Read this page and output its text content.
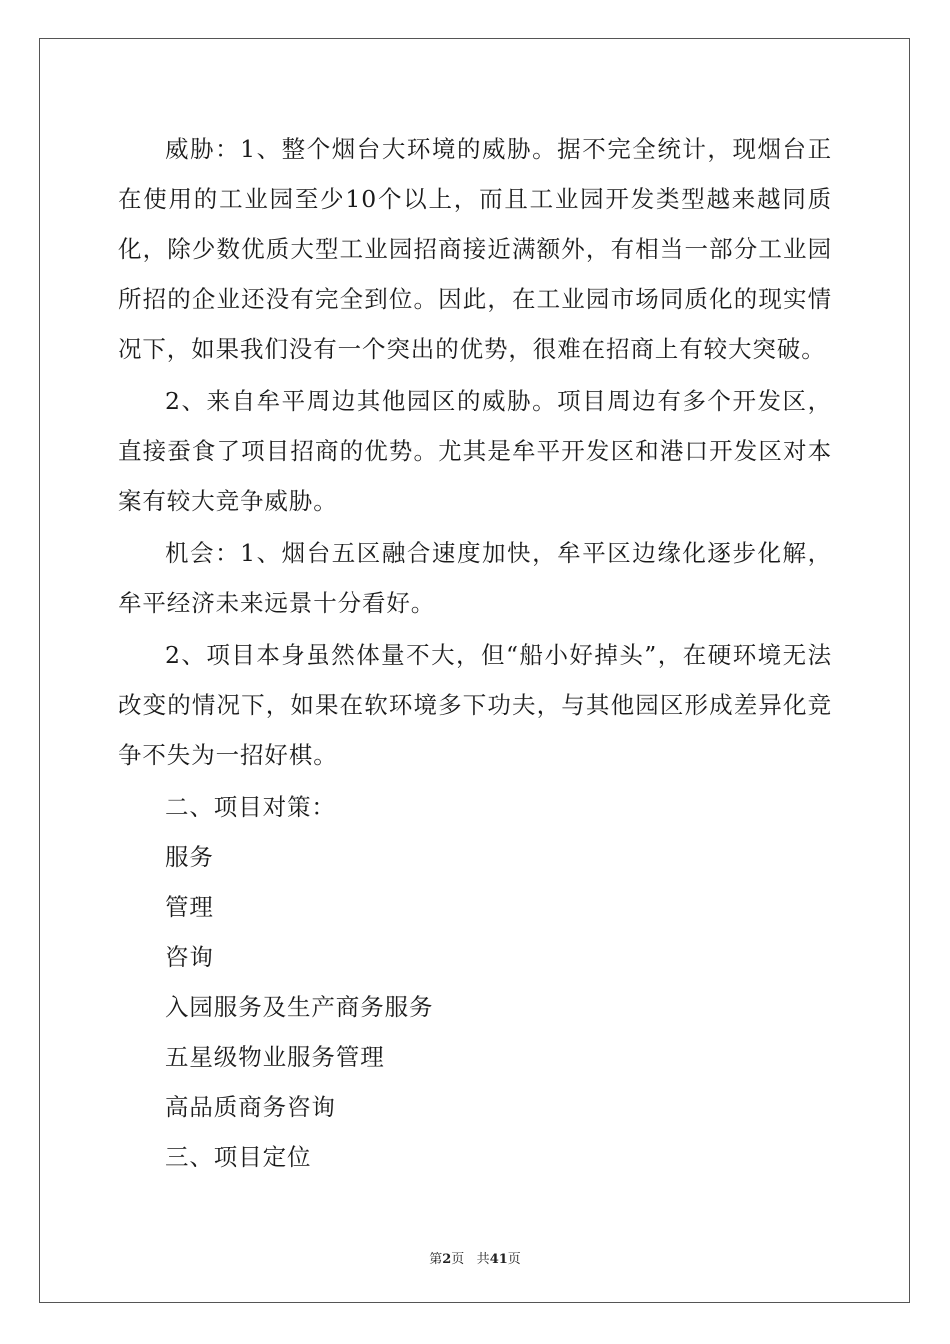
威胁：1、整个烟台大环境的威胁。据不完全统计，现烟台正在使用的工业园至少10个以上，而且工业园开发类型越来越同质化，除少数优质大型工业园招商接近满额外，有相当一部分工业园所招的企业还没有完全到位。因此，在工业园市场同质化的现实情况下，如果我们没有一个突出的优势，很难在招商上有较大突破。

2、来自牟平周边其他园区的威胁。项目周边有多个开发区，直接蚕食了项目招商的优势。尤其是牟平开发区和港口开发区对本案有较大竞争威胁。

机会：1、烟台五区融合速度加快，牟平区边缘化逐步化解，牟平经济未来远景十分看好。

2、项目本身虽然体量不大，但“船小好掉头”，在硬环境无法改变的情况下，如果在软环境多下功夫，与其他园区形成差异化竞争不失为一招好棋。

二、项目对策：

服务

管理

咨询

入园服务及生产商务服务

五星级物业服务管理

高品质商务咨询

三、项目定位

第2页 共41页
